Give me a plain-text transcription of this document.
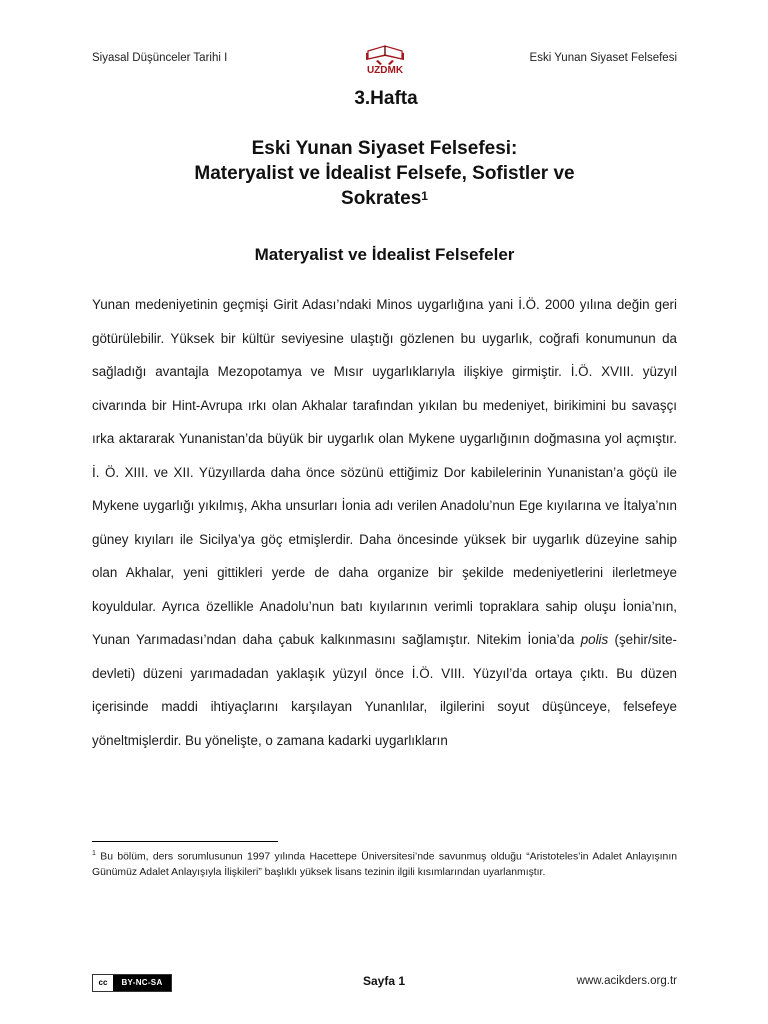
Siyasal Düşünceler Tarihi I	Eski Yunan Siyaset Felsefesi
UZDMK
3.Hafta
Eski Yunan Siyaset Felsefesi:
Materyalist ve İdealist Felsefe, Sofistler ve
Sokrates$^1$
Materyalist ve İdealist Felsefeler

Yunan medeniyetinin geçmişi Girit Adası’ndaki Minos uygarlığına yani İ.Ö. 2000 yılına değin geri götürülebilir. Yüksek bir kültür seviyesine ulaştığı gözlenen bu uygarlık, coğrafi konumunun da sağladığı avantajla Mezopotamya ve Mısır uygarlıklarıyla ilişkiye girmiştir. İ.Ö. XVIII. yüzyıl civarında bir Hint-Avrupa ırkı olan Akhalar tarafından yıkılan bu medeniyet, birikimini bu savaşçı ırka aktararak Yunanistan’da büyük bir uygarlık olan Mykene uygarlığının doğmasına yol açmıştır. İ. Ö. XIII. ve XII. Yüzyıllarda daha önce sözünü ettiğimiz Dor kabilelerinin Yunanistan’a göçü ile Mykene uygarlığı yıkılmış, Akha unsurları İonia adı verilen Anadolu’nun Ege kıyılarına ve İtalya’nın güney kıyıları ile Sicilya’ya göç etmişlerdir. Daha öncesinde yüksek bir uygarlık düzeyine sahip olan Akhalar, yeni gittikleri yerde de daha organize bir şekilde medeniyetlerini ilerletmeye koyuldular. Ayrıca özellikle Anadolu’nun batı kıyılarının verimli topraklara sahip oluşu İonia’nın, Yunan Yarımadası’ndan daha çabuk kalkınmasını sağlamıştır. Nitekim İonia’da polis (şehir/site-devleti) düzeni yarımadadan yaklaşık yüzyıl önce İ.Ö. VIII. Yüzyıl’da ortaya çıktı. Bu düzen içerisinde maddi ihtiyaçlarını karşılayan Yunanlılar, ilgilerini soyut düşünceye, felsefeye yöneltmişlerdir. Bu yönelişte, o zamana kadarki uygarlıkların

$^1$ Bu bölüm, ders sorumlusunun 1997 yılında Hacettepe Üniversitesi’nde savunmuş olduğu “Aristoteles’in Adalet Anlayışının Günümüz Adalet Anlayışıyla İlişkileri” başlıklı yüksek lisans tezinin ilgili kısımlarından uyarlanmıştır.
cc	BY-NC-SA	Sayfa 1	www.acikders.org.tr
